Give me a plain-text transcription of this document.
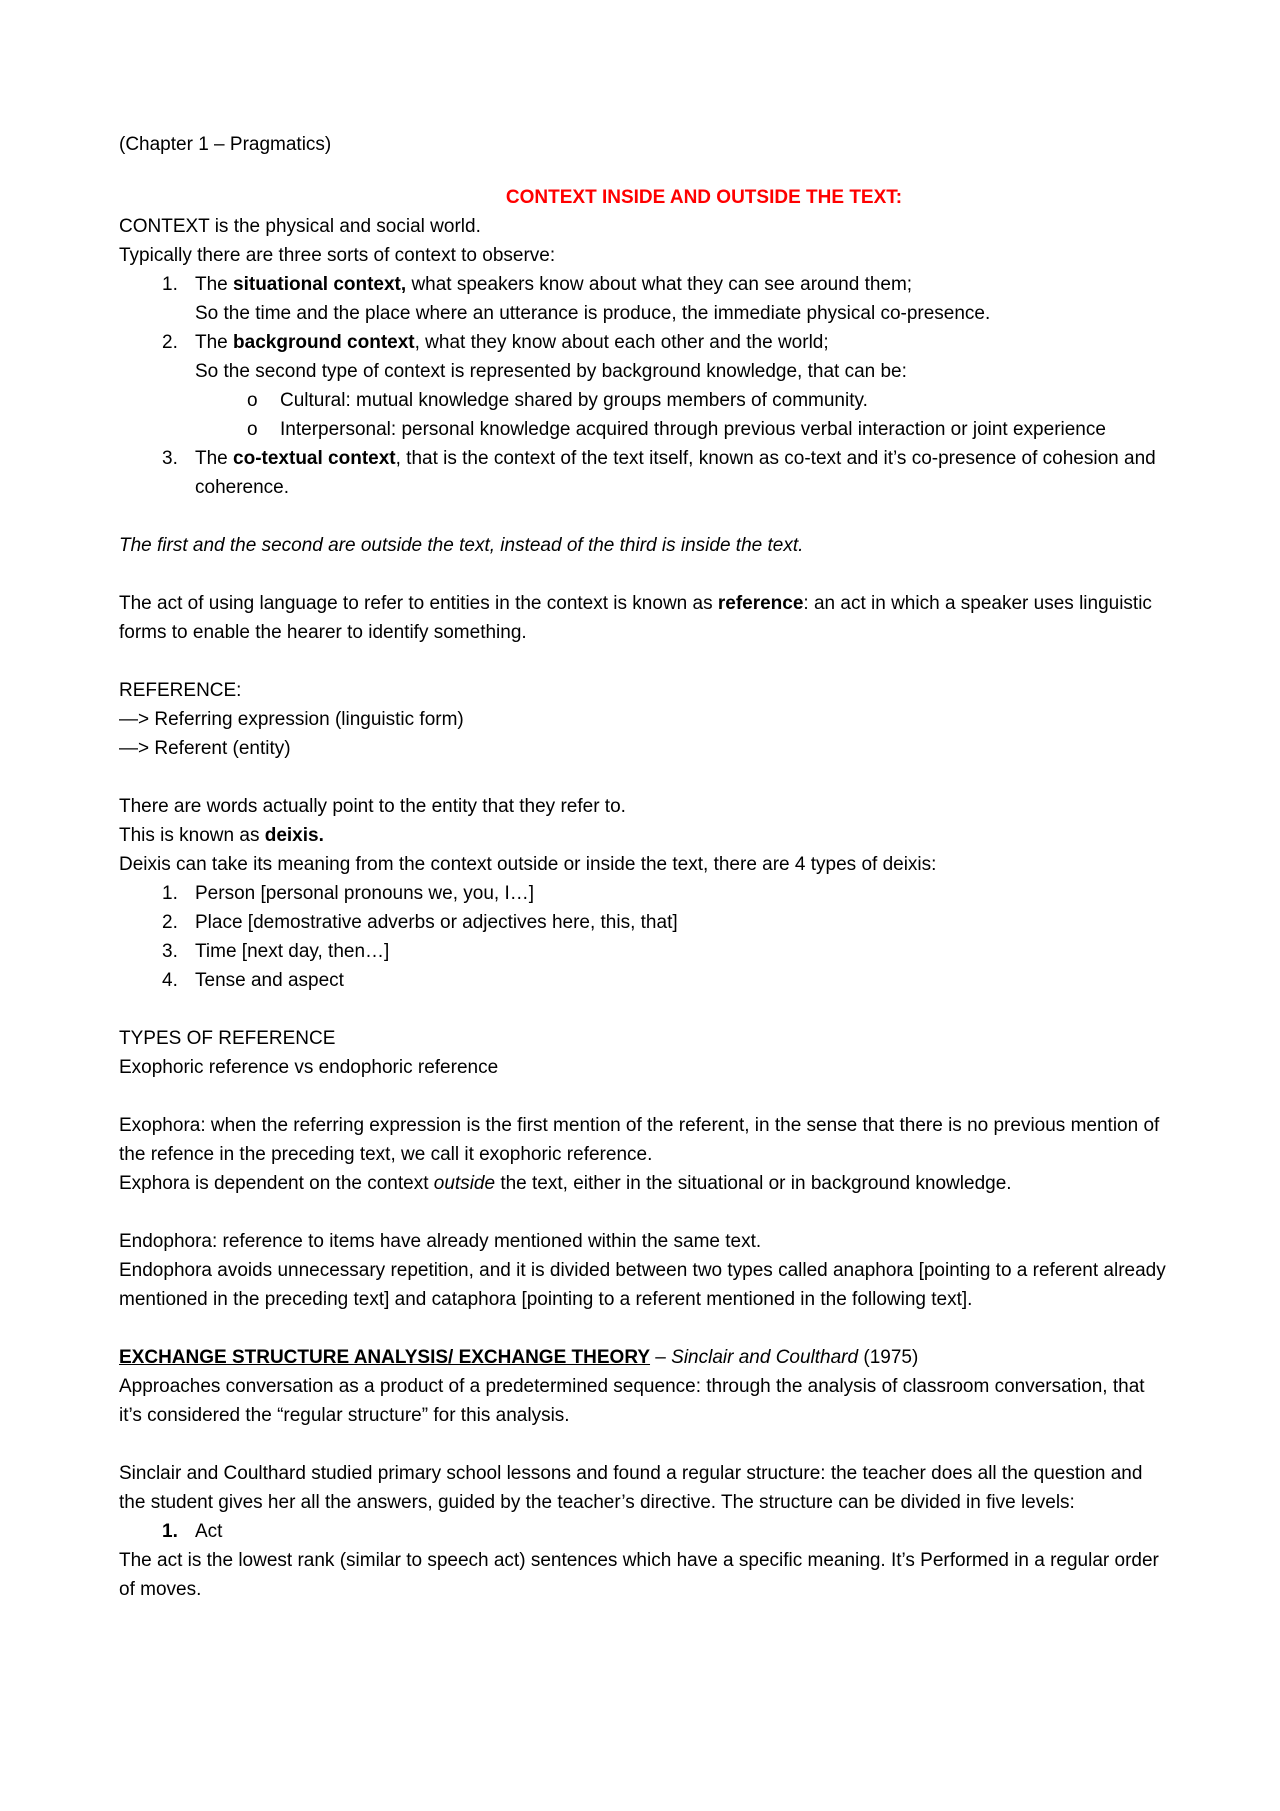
(Chapter 1 – Pragmatics)
CONTEXT INSIDE AND OUTSIDE THE TEXT:
CONTEXT is the physical and social world.
Typically there are three sorts of context to observe:
1. The situational context, what speakers know about what they can see around them;
So the time and the place where an utterance is produce, the immediate physical co-presence.
2. The background context, what they know about each other and the world;
So the second type of context is represented by background knowledge, that can be:
o Cultural: mutual knowledge shared by groups members of community.
o Interpersonal: personal knowledge acquired through previous verbal interaction or joint experience
3. The co-textual context, that is the context of the text itself, known as co-text and it’s co-presence of cohesion and coherence.
The first and the second are outside the text, instead of the third is inside the text.
The act of using language to refer to entities in the context is known as reference: an act in which a speaker uses linguistic forms to enable the hearer to identify something.
REFERENCE:
—> Referring expression (linguistic form)
—> Referent (entity)
There are words actually point to the entity that they refer to.
This is known as deixis.
Deixis can take its meaning from the context outside or inside the text, there are 4 types of deixis:
1. Person [personal pronouns we, you, I…]
2. Place [demostrative adverbs or adjectives here, this, that]
3. Time [next day, then…]
4. Tense and aspect
TYPES OF REFERENCE
Exophoric reference vs endophoric reference
Exophora: when the referring expression is the first mention of the referent, in the sense that there is no previous mention of the refence in the preceding text, we call it exophoric reference.
Exphora is dependent on the context outside the text, either in the situational or in background knowledge.
Endophora: reference to items have already mentioned within the same text.
Endophora avoids unnecessary repetition, and it is divided between two types called anaphora [pointing to a referent already mentioned in the preceding text] and cataphora [pointing to a referent mentioned in the following text].
EXCHANGE STRUCTURE ANALYSIS/ EXCHANGE THEORY – Sinclair and Coulthard (1975)
Approaches conversation as a product of a predetermined sequence: through the analysis of classroom conversation, that it’s considered the “regular structure” for this analysis.
Sinclair and Coulthard studied primary school lessons and found a regular structure: the teacher does all the question and the student gives her all the answers, guided by the teacher’s directive. The structure can be divided in five levels:
1. Act
The act is the lowest rank (similar to speech act) sentences which have a specific meaning. It’s Performed in a regular order of moves.
